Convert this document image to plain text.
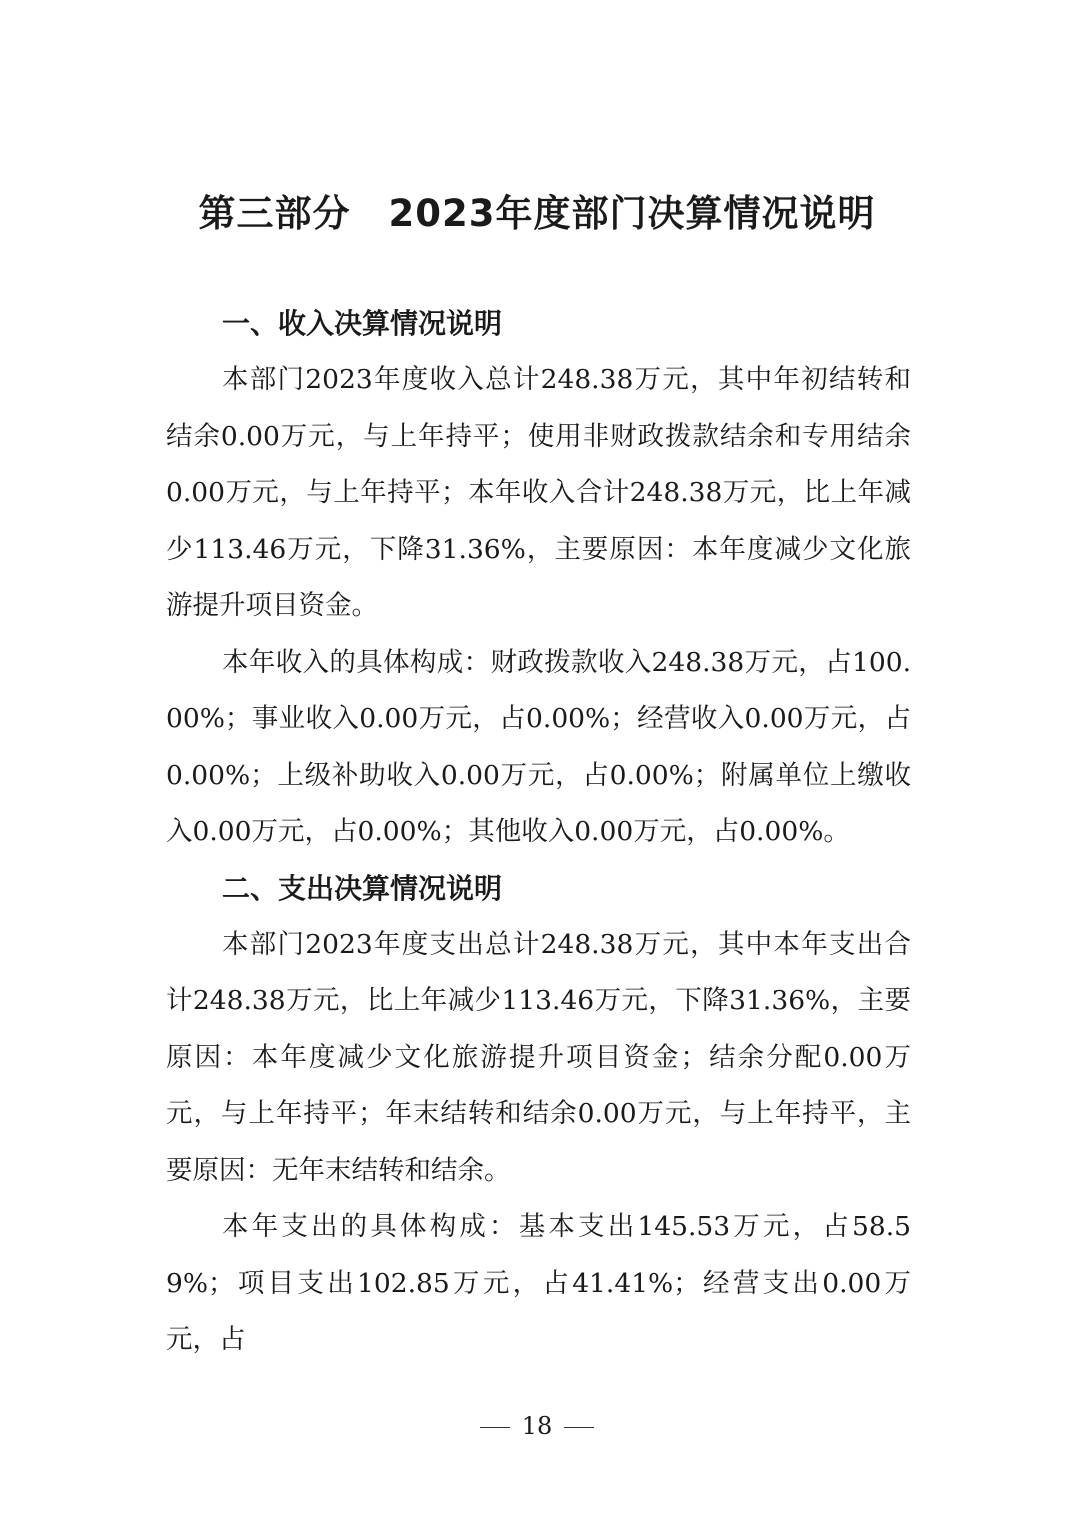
第三部分　2023年度部门决算情况说明
一、收入决算情况说明

本部门2023年度收入总计248.38万元，其中年初结转和结余0.00万元，与上年持平；使用非财政拨款结余和专用结余0.00万元，与上年持平；本年收入合计248.38万元，比上年减少113.46万元，下降31.36%，主要原因：本年度减少文化旅游提升项目资金。

本年收入的具体构成：财政拨款收入248.38万元，占100.00%；事业收入0.00万元，占0.00%；经营收入0.00万元，占0.00%；上级补助收入0.00万元，占0.00%；附属单位上缴收入0.00万元，占0.00%；其他收入0.00万元，占0.00%。

二、支出决算情况说明

本部门2023年度支出总计248.38万元，其中本年支出合计248.38万元，比上年减少113.46万元，下降31.36%，主要原因：本年度减少文化旅游提升项目资金；结余分配0.00万元，与上年持平；年末结转和结余0.00万元，与上年持平，主要原因：无年末结转和结余。

本年支出的具体构成：基本支出145.53万元，占58.59%；项目支出102.85万元，占41.41%；经营支出0.00万元，占

18
